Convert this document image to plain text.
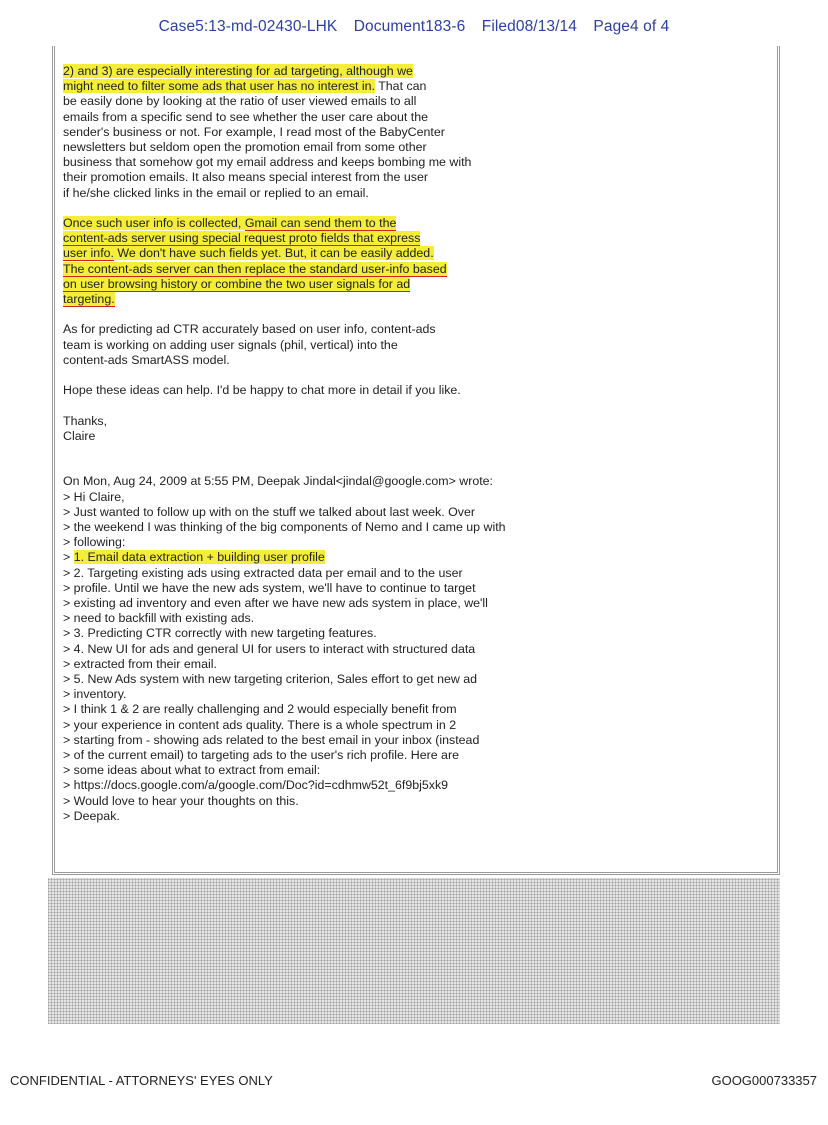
Case5:13-md-02430-LHK Document183-6 Filed08/13/14 Page4 of 4
2) and 3) are especially interesting for ad targeting, although we
might need to filter some ads that user has no interest in. That can
be easily done by looking at the ratio of user viewed emails to all
emails from a specific send to see whether the user care about the
sender's business or not. For example, I read most of the BabyCenter
newsletters but seldom open the promotion email from some other
business that somehow got my email address and keeps bombing me with
their promotion emails. It also means special interest from the user
if he/she clicked links in the email or replied to an email.
Once such user info is collected, Gmail can send them to the
content-ads server using special request proto fields that express
user info. We don't have such fields yet. But, it can be easily added.
The content-ads server can then replace the standard user-info based
on user browsing history or combine the two user signals for ad
targeting.
As for predicting ad CTR accurately based on user info, content-ads
team is working on adding user signals (phil, vertical) into the
content-ads SmartASS model.
Hope these ideas can help. I'd be happy to chat more in detail if you like.
Thanks,
Claire
On Mon, Aug 24, 2009 at 5:55 PM, Deepak Jindal<jindal@google.com> wrote:
> Hi Claire,
> Just wanted to follow up with on the stuff we talked about last week. Over
> the weekend I was thinking of the big components of Nemo and I came up with
> following:
> 1. Email data extraction + building user profile
> 2. Targeting existing ads using extracted data per email and to the user
> profile. Until we have the new ads system, we'll have to continue to target
> existing ad inventory and even after we have new ads system in place, we'll
> need to backfill with existing ads.
> 3. Predicting CTR correctly with new targeting features.
> 4. New UI for ads and general UI for users to interact with structured data
> extracted from their email.
> 5. New Ads system with new targeting criterion, Sales effort to get new ad
> inventory.
> I think 1 & 2 are really challenging and 2 would especially benefit from
> your experience in content ads quality. There is a whole spectrum in 2
> starting from - showing ads related to the best email in your inbox (instead
> of the current email) to targeting ads to the user's rich profile. Here are
> some ideas about what to extract from email:
> https://docs.google.com/a/google.com/Doc?id=cdhmw52t_6f9bj5xk9
> Would love to hear your thoughts on this.
> Deepak.
CONFIDENTIAL - ATTORNEYS' EYES ONLY	GOOG000733357
